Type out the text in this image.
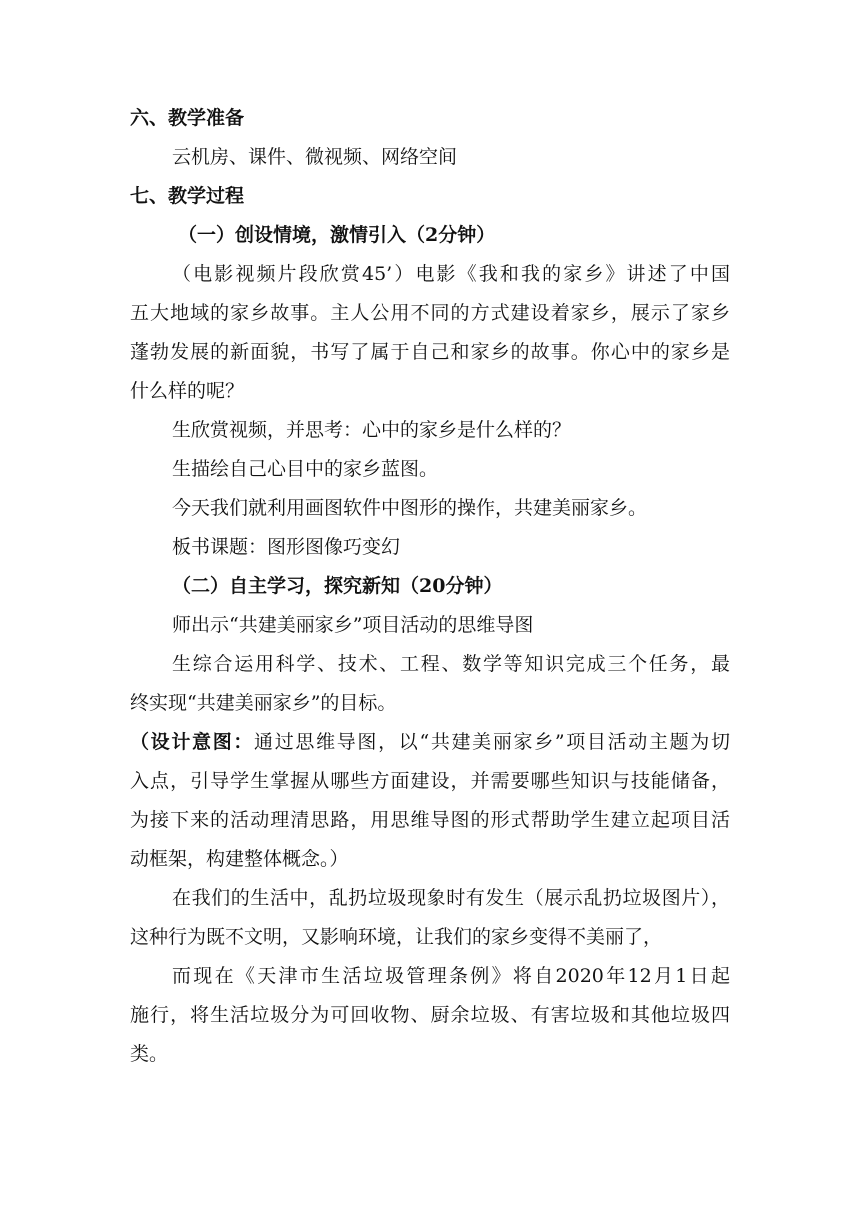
六、教学准备
云机房、课件、微视频、网络空间
七、教学过程
（一）创设情境，激情引入（2分钟）
（电影视频片段欣赏45’）电影《我和我的家乡》讲述了中国
五大地域的家乡故事。主人公用不同的方式建设着家乡，展示了家乡
蓬勃发展的新面貌，书写了属于自己和家乡的故事。你心中的家乡是
什么样的呢？
生欣赏视频，并思考：心中的家乡是什么样的？
生描绘自己心目中的家乡蓝图。
今天我们就利用画图软件中图形的操作，共建美丽家乡。
板书课题：图形图像巧变幻
（二）自主学习，探究新知（20分钟）
师出示“共建美丽家乡”项目活动的思维导图
生综合运用科学、技术、工程、数学等知识完成三个任务，最
终实现“共建美丽家乡”的目标。
（设计意图：通过思维导图，以“共建美丽家乡”项目活动主题为切
入点，引导学生掌握从哪些方面建设，并需要哪些知识与技能储备，
为接下来的活动理清思路，用思维导图的形式帮助学生建立起项目活
动框架，构建整体概念。）
在我们的生活中，乱扔垃圾现象时有发生（展示乱扔垃圾图片），
这种行为既不文明，又影响环境，让我们的家乡变得不美丽了，
而现在《天津市生活垃圾管理条例》将自2020年12月1日起
施行，将生活垃圾分为可回收物、厨余垃圾、有害垃圾和其他垃圾四
类。
